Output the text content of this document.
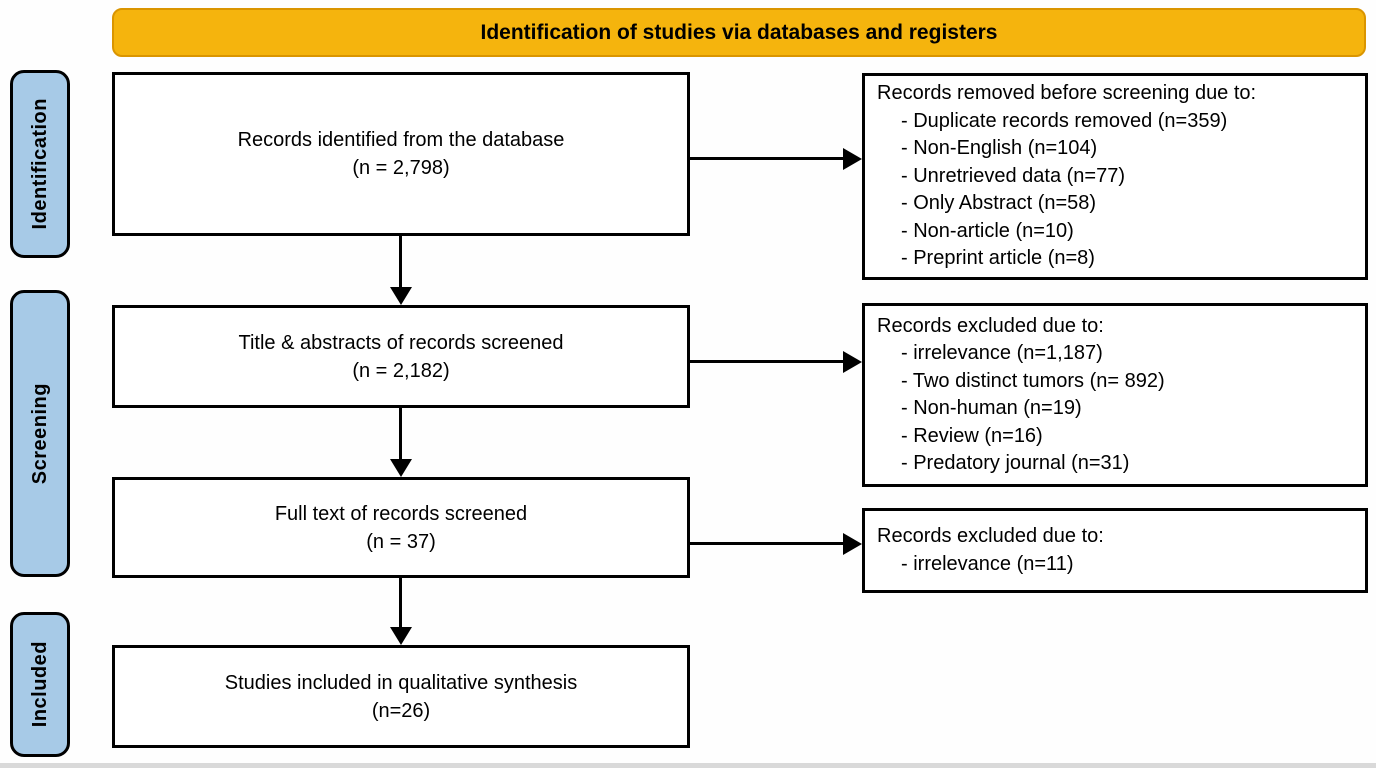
Identification of studies via databases and registers
Identification
Screening
Included
Records identified from the database
(n = 2,798)
Title & abstracts of records screened
(n = 2,182)
Full text of records screened
(n = 37)
Studies included in qualitative synthesis
(n=26)
Records removed before screening due to:
- Duplicate records removed (n=359)
- Non-English (n=104)
- Unretrieved data (n=77)
- Only Abstract (n=58)
- Non-article (n=10)
- Preprint article (n=8)
Records excluded due to:
- irrelevance (n=1,187)
- Two distinct tumors (n= 892)
- Non-human (n=19)
- Review (n=16)
- Predatory journal (n=31)
Records excluded due to:
- irrelevance (n=11)
